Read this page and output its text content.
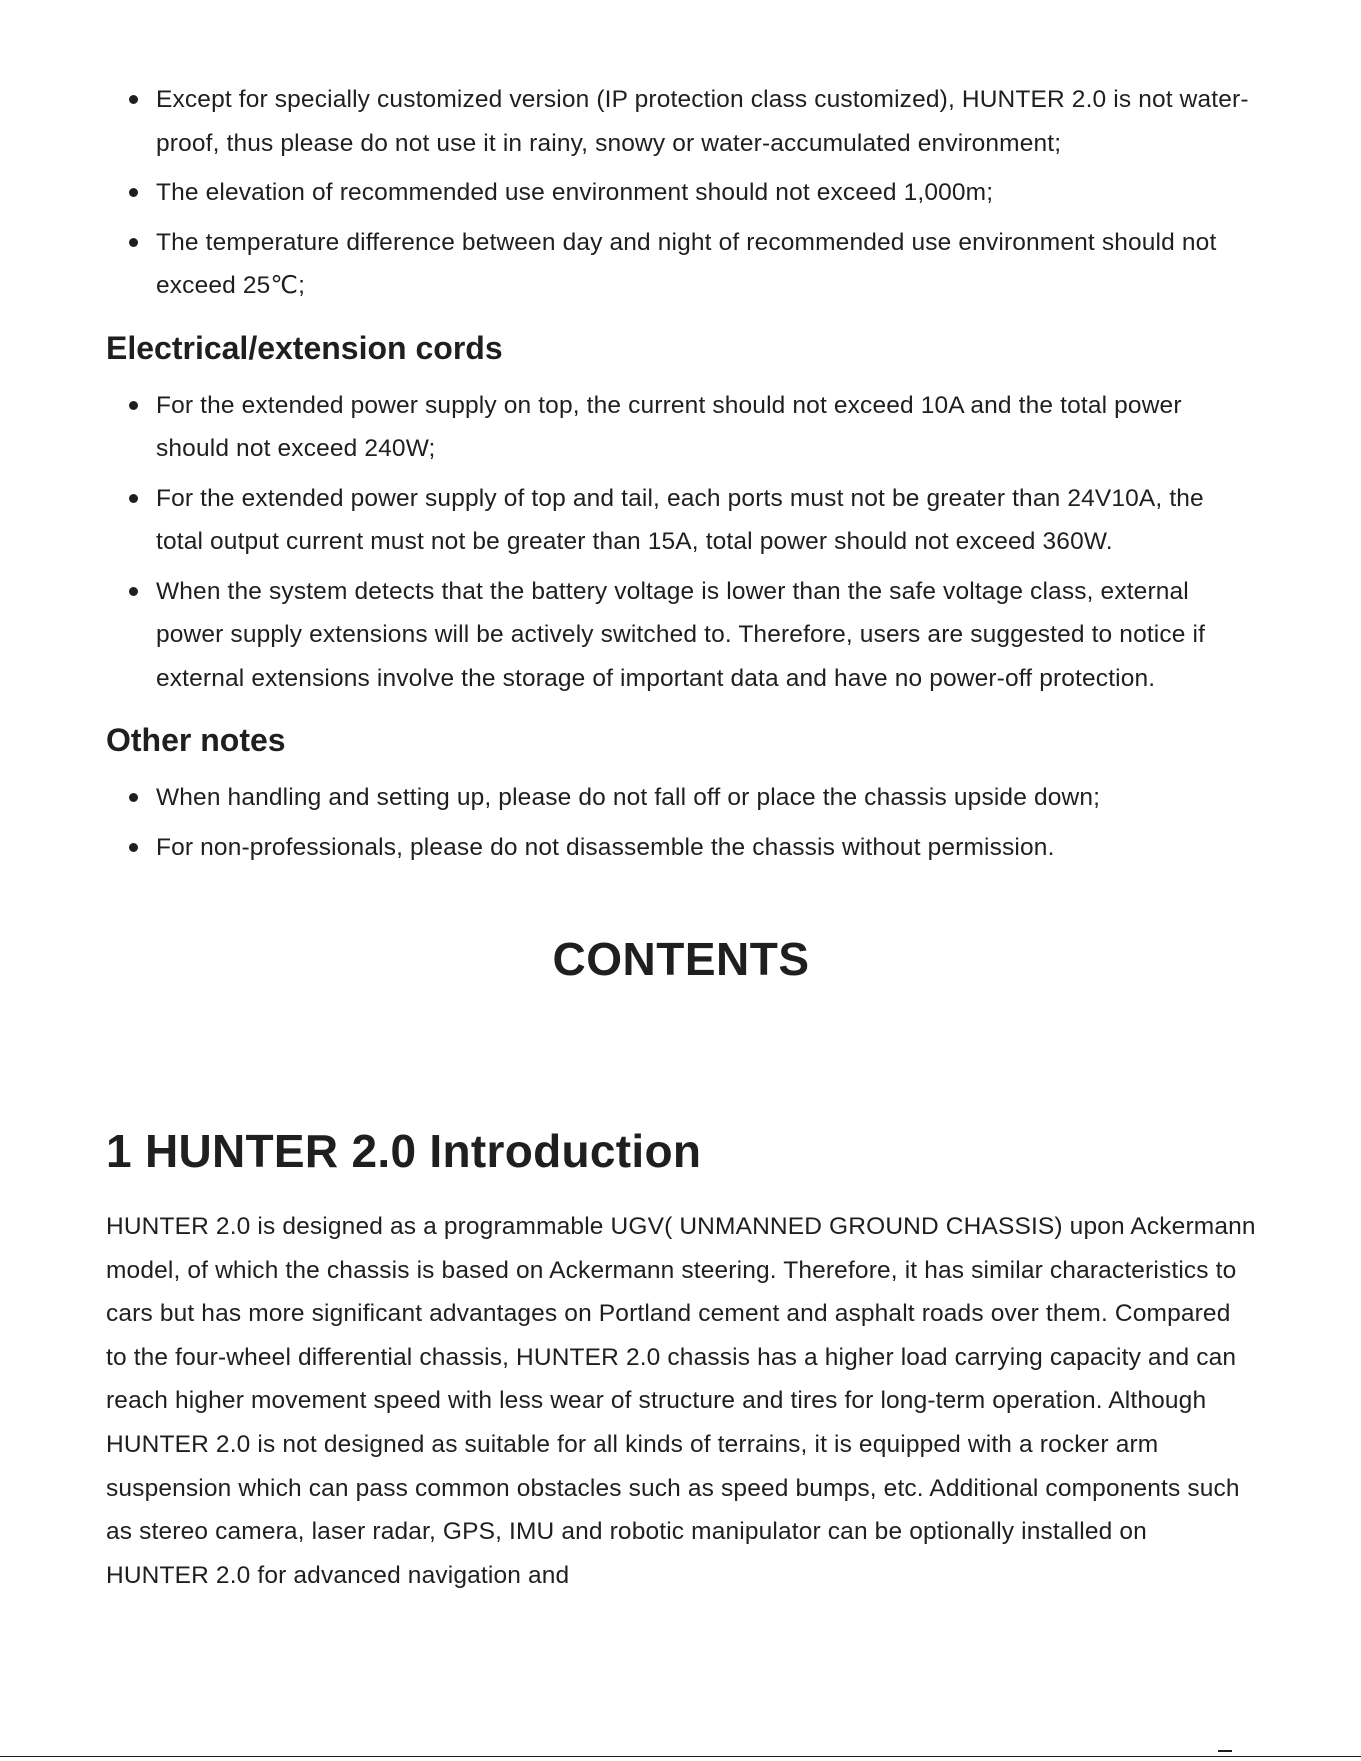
Except for specially customized version (IP protection class customized), HUNTER 2.0 is not water-proof, thus please do not use it in rainy, snowy or water-accumulated environment;
The elevation of recommended use environment should not exceed 1,000m;
The temperature difference between day and night of recommended use environment should not exceed 25℃;
Electrical/extension cords
For the extended power supply on top, the current should not exceed 10A and the total power should not exceed 240W;
For the extended power supply of top and tail, each ports must not be greater than 24V10A, the total output current must not be greater than 15A, total power should not exceed 360W.
When the system detects that the battery voltage is lower than the safe voltage class, external power supply extensions will be actively switched to. Therefore, users are suggested to notice if external extensions involve the storage of important data and have no power-off protection.
Other notes
When handling and setting up, please do not fall off or place the chassis upside down;
For non-professionals, please do not disassemble the chassis without permission.
CONTENTS
1 HUNTER 2.0 Introduction

HUNTER 2.0 is designed as a programmable UGV( UNMANNED GROUND CHASSIS) upon Ackermann model, of which the chassis is based on Ackermann steering. Therefore, it has similar characteristics to cars but has more significant advantages on Portland cement and asphalt roads over them. Compared to the four-wheel differential chassis, HUNTER 2.0 chassis has a higher load carrying capacity and can reach higher movement speed with less wear of structure and tires for long-term operation. Although HUNTER 2.0 is not designed as suitable for all kinds of terrains, it is equipped with a rocker arm suspension which can pass common obstacles such as speed bumps, etc. Additional components such as stereo camera, laser radar, GPS, IMU and robotic manipulator can be optionally installed on HUNTER 2.0 for advanced navigation and
